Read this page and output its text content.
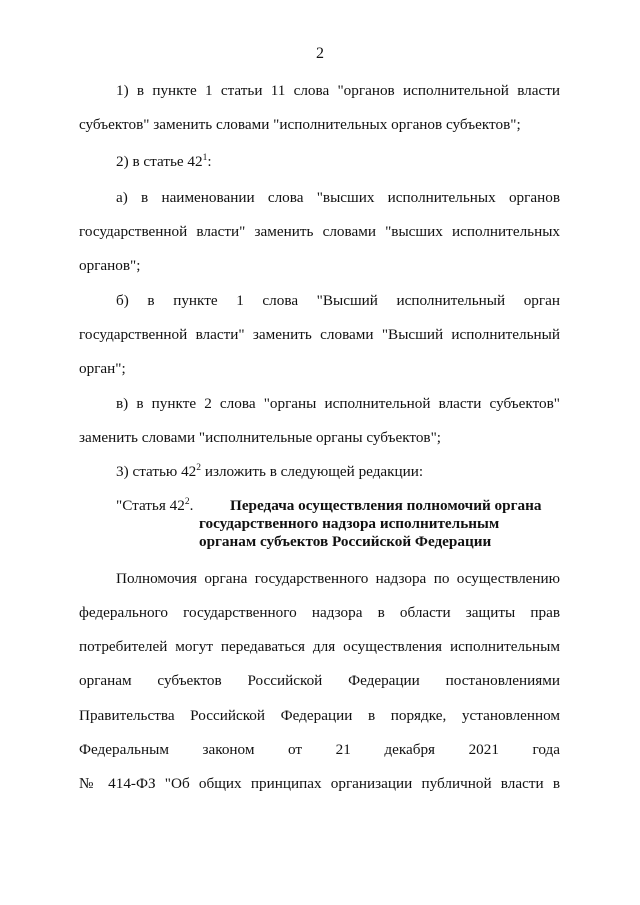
2
1) в пункте 1 статьи 11 слова "органов исполнительной власти
субъектов" заменить словами "исполнительных органов субъектов";
2) в статье $42^1$:
а) в наименовании слова "высших исполнительных органов
государственной власти" заменить словами "высших исполнительных
органов";
б) в пункте 1 слова "Высший исполнительный орган
государственной власти" заменить словами "Высший исполнительный
орган";
в) в пункте 2 слова "органы исполнительной власти субъектов"
заменить словами "исполнительные органы субъектов";
3) статью $42^2$ изложить в следующей редакции:
"Статья $42^2$. Передача осуществления полномочий органа
государственного надзора исполнительным
органам субъектов Российской Федерации
Полномочия органа государственного надзора по осуществлению
федерального государственного надзора в области защиты прав
потребителей могут передаваться для осуществления исполнительным
органам субъектов Российской Федерации постановлениями
Правительства Российской Федерации в порядке, установленном
Федеральным законом от 21 декабря 2021 года
№ 414-ФЗ "Об общих принципах организации публичной власти в
